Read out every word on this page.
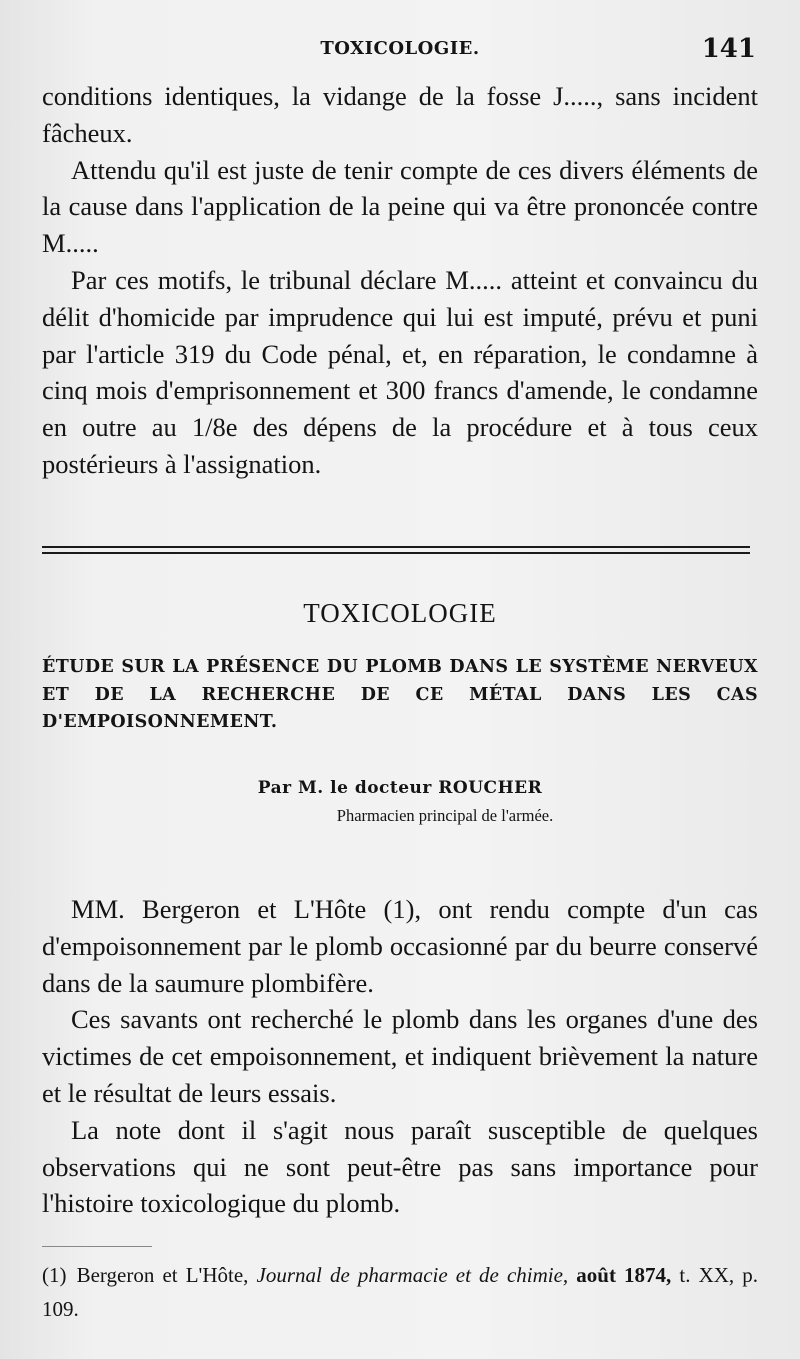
TOXICOLOGIE.	141

conditions identiques, la vidange de la fosse J....., sans incident fâcheux.

Attendu qu'il est juste de tenir compte de ces divers éléments de la cause dans l'application de la peine qui va être prononcée contre M.....

Par ces motifs, le tribunal déclare M..... atteint et convaincu du délit d'homicide par imprudence qui lui est imputé, prévu et puni par l'article 319 du Code pénal, et, en réparation, le condamne à cinq mois d'emprisonnement et 300 francs d'amende, le condamne en outre au 1/8e des dépens de la procédure et à tous ceux postérieurs à l'assignation.

TOXICOLOGIE
ÉTUDE SUR LA PRÉSENCE DU PLOMB DANS LE SYSTÈME NERVEUX ET DE LA RECHERCHE DE CE MÉTAL DANS LES CAS D'EMPOISONNEMENT.
Par M. le docteur ROUCHER
Pharmacien principal de l'armée.

MM. Bergeron et L'Hôte (1), ont rendu compte d'un cas d'empoisonnement par le plomb occasionné par du beurre conservé dans de la saumure plombifère.

Ces savants ont recherché le plomb dans les organes d'une des victimes de cet empoisonnement, et indiquent brièvement la nature et le résultat de leurs essais.

La note dont il s'agit nous paraît susceptible de quelques observations qui ne sont peut-être pas sans importance pour l'histoire toxicologique du plomb.

(1) Bergeron et L'Hôte, Journal de pharmacie et de chimie, août 1874, t. XX, p. 109.
